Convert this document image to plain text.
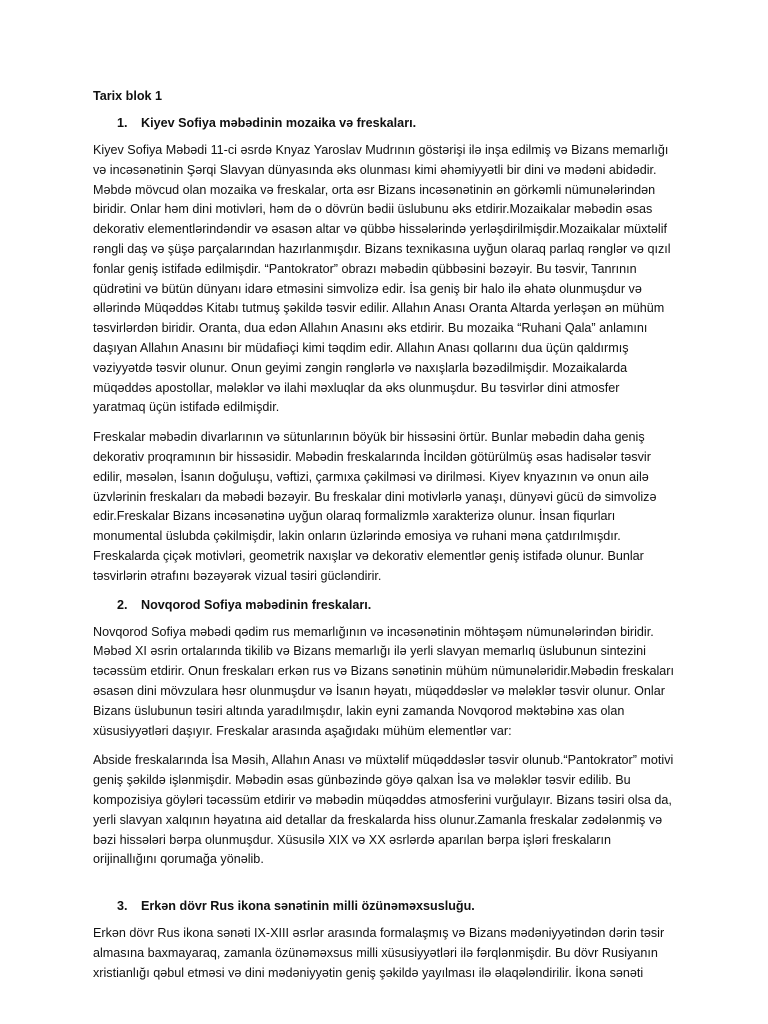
Tarix blok 1
1.	Kiyev Sofiya məbədinin mozaika və freskaları.

Kiyev Sofiya Məbədi 11-ci əsrdə Knyaz Yaroslav Mudrının göstərişi ilə inşa edilmiş və Bizans memarlığı və incəsənətinin Şərqi Slavyan dünyasında əks olunması kimi əhəmiyyətli bir dini və mədəni abidədir. Məbdə mövcud olan mozaika və freskalar, orta əsr Bizans incəsənətinin ən görkəmli nümunələrindən biridir. Onlar həm dini motivləri, həm də o dövrün bədii üslubunu əks etdirir.Mozaikalar məbədin əsas dekorativ elementlərindəndir və əsasən altar və qübbə hissələrində yerləşdirilmişdir.Mozaikalar müxtəlif rəngli daş və şüşə parçalarından hazırlanmışdır. Bizans texnikasına uyğun olaraq parlaq rənglər və qızıl fonlar geniş istifadə edilmişdir. “Pantokrator” obrazı məbədin qübbəsini bəzəyir. Bu təsvir, Tanrının qüdrətini və bütün dünyanı idarə etməsini simvolizə edir. İsa geniş bir halo ilə əhatə olunmuşdur və əllərində Müqəddəs Kitabı tutmuş şəkildə təsvir edilir. Allahın Anası Oranta Altarda yerləşən ən mühüm təsvirlərdən biridir. Oranta, dua edən Allahın Anasını əks etdirir. Bu mozaika “Ruhani Qala” anlamını daşıyan Allahın Anasını bir müdafiəçi kimi təqdim edir. Allahın Anası qollarını dua üçün qaldırmış vəziyyətdə təsvir olunur. Onun geyimi zəngin rənglərlə və naxışlarla bəzədilmişdir. Mozaikalarda müqəddəs apostollar, mələklər və ilahi məxluqlar da əks olunmuşdur. Bu təsvirlər dini atmosfer yaratmaq üçün istifadə edilmişdir.

Freskalar məbədin divarlarının və sütunlarının böyük bir hissəsini örtür. Bunlar məbədin daha geniş dekorativ proqramının bir hissəsidir. Məbədin freskalarında İncildən götürülmüş əsas hadisələr təsvir edilir, məsələn, İsanın doğuluşu, vəftizi, çarmıxa çəkilməsi və dirilməsi. Kiyev knyazının və onun ailə üzvlərinin freskaları da məbədi bəzəyir. Bu freskalar dini motivlərlə yanaşı, dünyəvi gücü də simvolizə edir.Freskalar Bizans incəsənətinə uyğun olaraq formalizmlə xarakterizə olunur. İnsan fiqurları monumental üslubda çəkilmişdir, lakin onların üzlərində emosiya və ruhani məna çatdırılmışdır. Freskalarda çiçək motivləri, geometrik naxışlar və dekorativ elementlər geniş istifadə olunur. Bunlar təsvirlərin ətrafını bəzəyərək vizual təsiri gücləndirir.

2.	Novqorod Sofiya məbədinin freskaları.

Novqorod Sofiya məbədi qədim rus memarlığının və incəsənətinin möhtəşəm nümunələrindən biridir. Məbəd XI əsrin ortalarında tikilib və Bizans memarlığı ilə yerli slavyan memarlıq üslubunun sintezini təcəssüm etdirir. Onun freskaları erkən rus və Bizans sənətinin mühüm nümunələridir.Məbədin freskaları əsasən dini mövzulara həsr olunmuşdur və İsanın həyatı, müqəddəslər və mələklər təsvir olunur. Onlar Bizans üslubunun təsiri altında yaradılmışdır, lakin eyni zamanda Novqorod məktəbinə xas olan xüsusiyyətləri daşıyır. Freskalar arasında aşağıdakı mühüm elementlər var:

Abside freskalarında İsa Məsih, Allahın Anası və müxtəlif müqəddəslər təsvir olunub.“Pantokrator” motivi geniş şəkildə işlənmişdir. Məbədin əsas günbəzində göyə qalxan İsa və mələklər təsvir edilib. Bu kompozisiya göyləri təcəssüm etdirir və məbədin müqəddəs atmosferini vurğulayır. Bizans təsiri olsa da, yerli slavyan xalqının həyatına aid detallar da freskalarda hiss olunur.Zamanla freskalar zədələnmiş və bəzi hissələri bərpa olunmuşdur. Xüsusilə XIX və XX əsrlərdə aparılan bərpa işləri freskaların orijinallığını qorumağa yönəlib.

3.	Erkən dövr Rus ikona sənətinin milli özünəməxsusluğu.

Erkən dövr Rus ikona sənəti IX-XIII əsrlər arasında formalaşmış və Bizans mədəniyyətindən dərin təsir almasına baxmayaraq, zamanla özünəməxsus milli xüsusiyyətləri ilə fərqlənmişdir. Bu dövr Rusiyanın xristianlığı qəbul etməsi və dini mədəniyyətin geniş şəkildə yayılması ilə əlaqələndirilir. İkona sənəti
